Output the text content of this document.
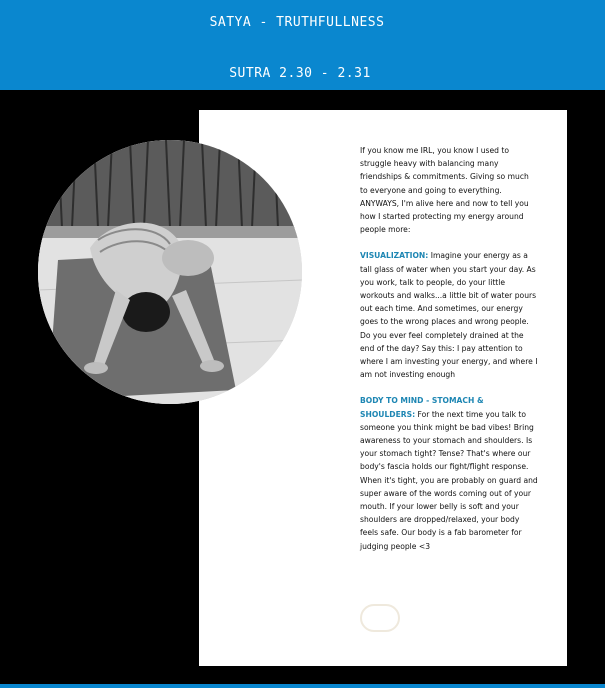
SATYA - TRUTHFULLNESS
SUTRA 2.30 - 2.31

If you know me IRL, you know I used to struggle heavy with balancing many friendships & commitments. Giving so much to everyone and going to everything. ANYWAYS, I'm alive here and now to tell you how I started protecting my energy around people more:

VISUALIZATION: Imagine your energy as a tall glass of water when you start your day. As you work, talk to people, do your little workouts and walks...a little bit of water pours out each time. And sometimes, our energy goes to the wrong places and wrong people. Do you ever feel completely drained at the end of the day? Say this: I pay attention to where I am investing your energy, and where I am not investing enough

BODY TO MIND - STOMACH & SHOULDERS: For the next time you talk to someone you think might be bad vibes! Bring awareness to your stomach and shoulders. Is your stomach tight? Tense? That's where our body's fascia holds our fight/flight response. When it's tight, you are probably on guard and super aware of the words coming out of your mouth. If your lower belly is soft and your shoulders are dropped/relaxed, your body feels safe. Our body is a fab barometer for judging people <3
